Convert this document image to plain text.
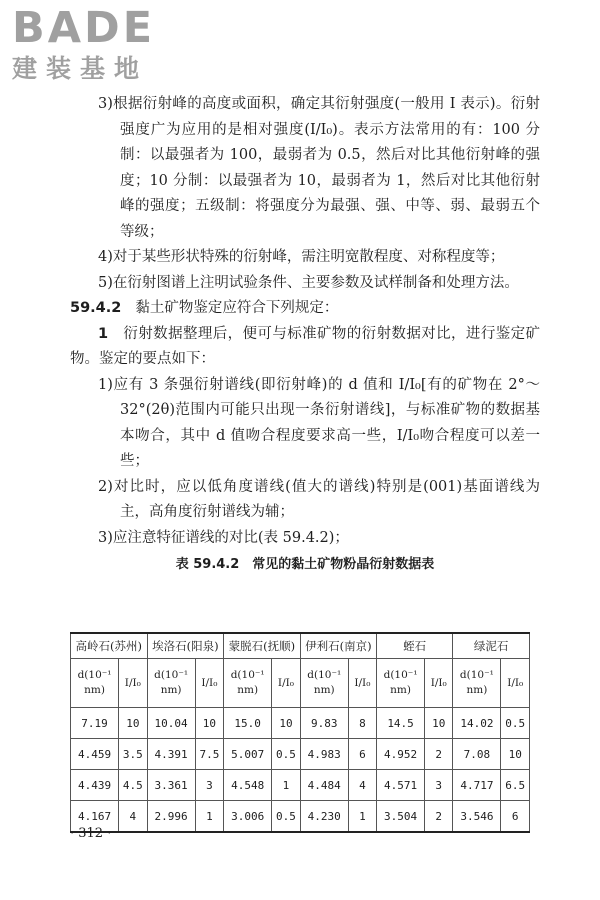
BADE
建装基地

3)根据衍射峰的高度或面积，确定其衍射强度(一般用 I 表示)。衍射强度广为应用的是相对强度(I/I₀)。表示方法常用的有：100 分制：以最强者为 100，最弱者为 0.5，然后对比其他衍射峰的强度；10 分制：以最强者为 10，最弱者为 1，然后对比其他衍射峰的强度；五级制：将强度分为最强、强、中等、弱、最弱五个等级；

4)对于某些形状特殊的衍射峰，需注明宽散程度、对称程度等；

5)在衍射图谱上注明试验条件、主要参数及试样制备和处理方法。

59.4.2 黏土矿物鉴定应符合下列规定：

1　 衍射数据整理后，便可与标准矿物的衍射数据对比，进行鉴定矿物。鉴定的要点如下：

1)应有 3 条强衍射谱线(即衍射峰)的 d 值和 I/I₀[有的矿物在 2°～32°(2θ)范围内可能只出现一条衍射谱线]，与标准矿物的数据基本吻合，其中 d 值吻合程度要求高一些，I/I₀吻合程度可以差一些；

2)对比时，应以低角度谱线(值大的谱线)特别是(001)基面谱线为主，高角度衍射谱线为辅；

3)应注意特征谱线的对比(表 59.4.2)；

表 59.4.2　常见的黏土矿物粉晶衍射数据表
高岭石(苏州)		埃洛石(阳泉)		蒙脱石(抚顺)		伊利石(南京)		蛭石		绿泥石	
d(10⁻¹ nm)	I/I₀	d(10⁻¹ nm)	I/I₀	d(10⁻¹ nm)	I/I₀	d(10⁻¹ nm)	I/I₀	d(10⁻¹ nm)	I/I₀	d(10⁻¹ nm)	I/I₀
7.19	10	10.04	10	15.0	10	9.83	8	14.5	10	14.02	0.5
4.459	3.5	4.391	7.5	5.007	0.5	4.983	6	4.952	2	7.08	10
4.439	4.5	3.361	3	4.548	1	4.484	4	4.571	3	4.717	6.5
4.167	4	2.996	1	3.006	0.5	4.230	1	3.504	2	3.546	6
· 312 ·
